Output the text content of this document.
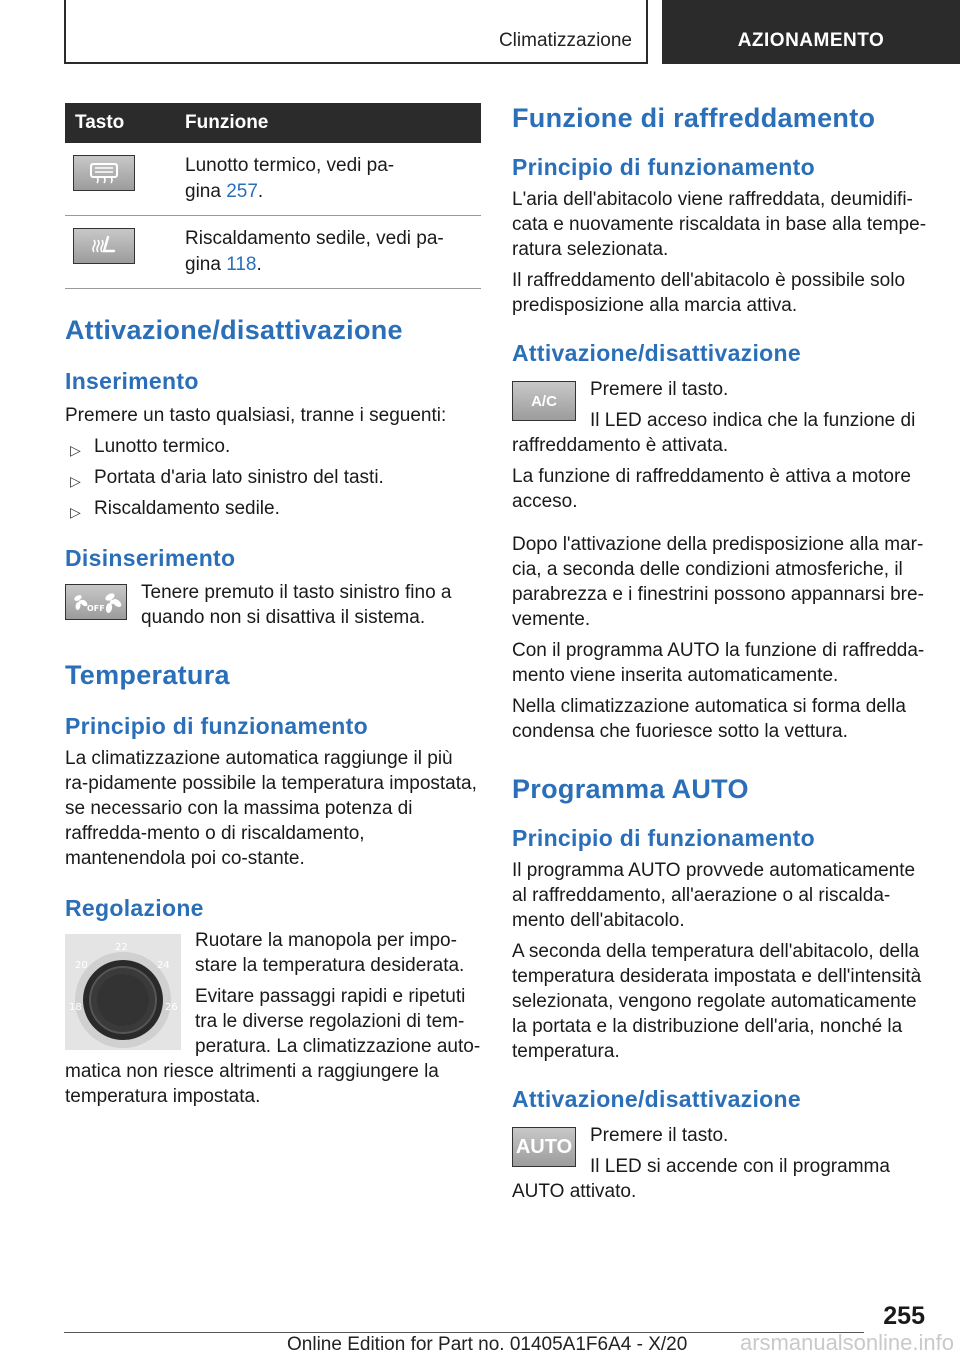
Climatizzazione	AZIONAMENTO
Tasto	Funzione
Lunotto termico, vedi pa-
gina 257.
Riscaldamento sedile, vedi pa-
gina 118.
Attivazione/disattivazione
Inserimento

Premere un tasto qualsiasi, tranne i seguenti:

▷ Lunotto termico.
▷ Portata d'aria lato sinistro del tasti.
▷ Riscaldamento sedile.
Disinserimento
OFF

Tenere premuto il tasto sinistro fino a quando non si disattiva il sistema.

Temperatura
Principio di funzionamento

La climatizzazione automatica raggiunge il più ra-pidamente possibile la temperatura impostata, se necessario con la massima potenza di raffredda-mento o di riscaldamento, mantenendola poi co-stante.

Regolazione
18
20
22
24
26

Ruotare la manopola per impo-stare la temperatura desiderata.

Evitare passaggi rapidi e ripetuti tra le diverse regolazioni di tem-peratura. La climatizzazione auto-matica non riesce altrimenti a raggiungere la temperatura impostata.

Funzione di raffreddamento
Principio di funzionamento

L'aria dell'abitacolo viene raffreddata, deumidifi-cata e nuovamente riscaldata in base alla tempe-ratura selezionata.

Il raffreddamento dell'abitacolo è possibile solo predisposizione alla marcia attiva.

Attivazione/disattivazione
A/C

Premere il tasto.

Il LED acceso indica che la funzione di raffreddamento è attivata.

La funzione di raffreddamento è attiva a motore acceso.

Dopo l'attivazione della predisposizione alla mar-cia, a seconda delle condizioni atmosferiche, il parabrezza e i finestrini possono appannarsi bre-vemente.

Con il programma AUTO la funzione di raffredda-mento viene inserita automaticamente.

Nella climatizzazione automatica si forma della condensa che fuoriesce sotto la vettura.

Programma AUTO
Principio di funzionamento

Il programma AUTO provvede automaticamente al raffreddamento, all'aerazione o al riscalda-mento dell'abitacolo.

A seconda della temperatura dell'abitacolo, della temperatura desiderata impostata e dell'intensità selezionata, vengono regolate automaticamente la portata e la distribuzione dell'aria, nonché la temperatura.

Attivazione/disattivazione
AUTO Premere il tasto.

Il LED si accende con il programma AUTO attivato.

255
Online Edition for Part no. 01405A1F6A4 - X/20 arsmanualsonline.info
